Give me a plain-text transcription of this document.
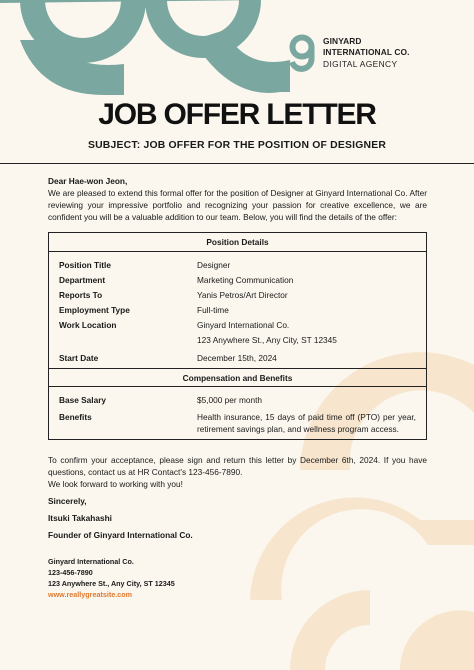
GINYARD
INTERNATIONAL CO.
DIGITAL AGENCY
JOB OFFER LETTER
SUBJECT: JOB OFFER FOR THE POSITION OF DESIGNER
Dear Hae-won Jeon,
We are pleased to extend this formal offer for the position of Designer at Ginyard International Co. After reviewing your impressive portfolio and recognizing your passion for creative excellence, we are confident you will be a valuable addition to our team. Below, you will find the details of the offer:
Position Details
Position Title	Designer
Department	Marketing Communication
Reports To	Yanis Petros/Art Director
Employment Type	Full-time
Work Location	Ginyard International Co.
123 Anywhere St., Any City, ST 12345
Start Date	December 15th, 2024
Compensation and Benefits
Base Salary	$5,000 per month
Benefits	Health insurance, 15 days of paid time off (PTO) per year, retirement savings plan, and wellness program access.
To confirm your acceptance, please sign and return this letter by December 6th, 2024. If you have questions, contact us at HR Contact's 123-456-7890.
We look forward to working with you!
Sincerely,
Itsuki Takahashi
Founder of Ginyard International Co.
Ginyard International Co.
123-456-7890
123 Anywhere St., Any City, ST 12345
www.reallygreatsite.com
